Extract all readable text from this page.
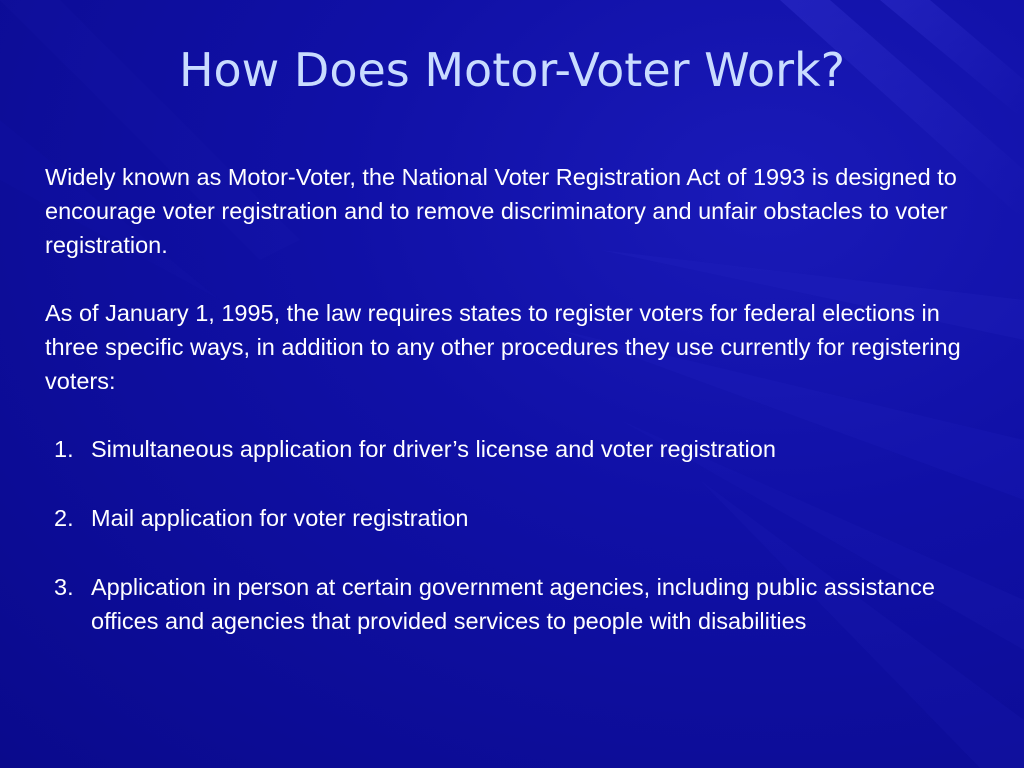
How Does Motor-Voter Work?
Widely known as Motor-Voter, the National Voter Registration Act of 1993 is designed to encourage voter registration and to remove discriminatory and unfair obstacles to voter registration.
As of January 1, 1995, the law requires states to register voters for federal elections in three specific ways, in addition to any other procedures they use currently for registering voters:
1. Simultaneous application for driver’s license and voter registration
2. Mail application for voter registration
3. Application in person at certain government agencies, including public assistance offices and agencies that provided services to people with disabilities
